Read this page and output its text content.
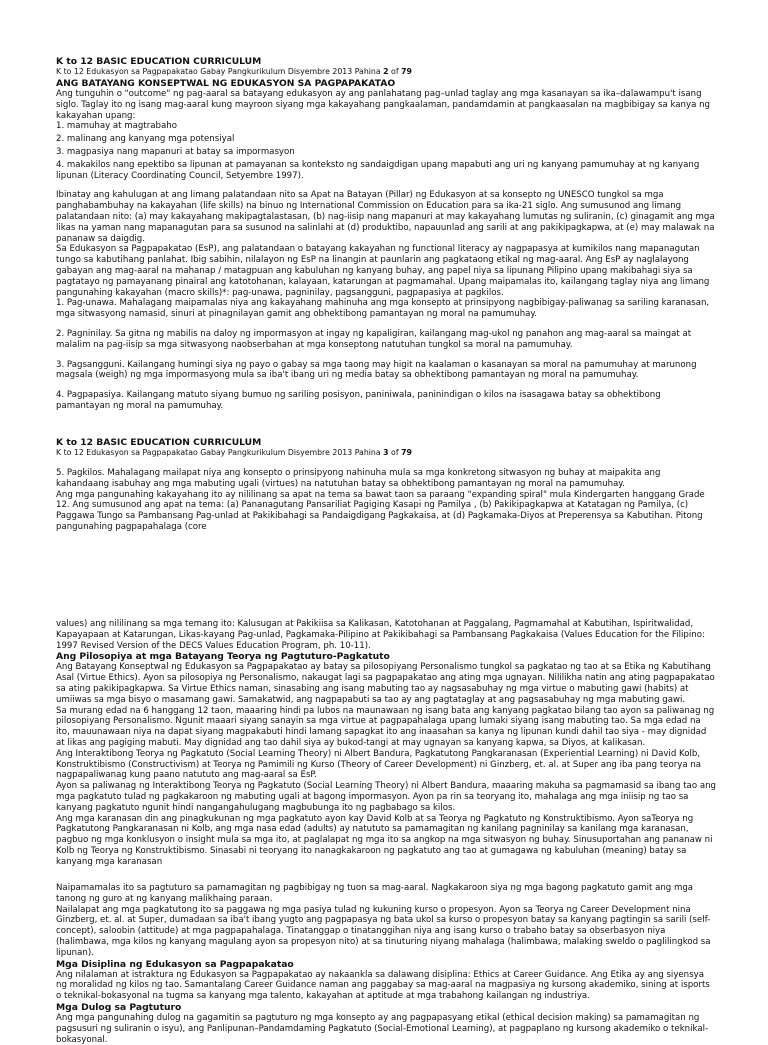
K to 12 BASIC EDUCATION CURRICULUM

K to 12 Edukasyon sa Pagpapakatao Gabay Pangkurikulum Disyembre 2013 Pahina 2 of 79

ANG BATAYANG KONSEPTWAL NG EDUKASYON SA PAGPAPAKATAO

Ang tunguhin o "outcome" ng pag-aaral sa batayang edukasyon ay ang panlahatang pag–unlad taglay ang mga kasanayan sa ika–dalawampu't isang siglo. Taglay ito ng isang mag-aaral kung mayroon siyang mga kakayahang pangkaalaman, pandamdamin at pangkaasalan na magbibigay sa kanya ng kakayahan upang:

1. mamuhay at magtrabaho

2. malinang ang kanyang mga potensiyal

3. magpasiya nang mapanuri at batay sa impormasyon

4. makakilos nang epektibo sa lipunan at pamayanan sa konteksto ng sandaigdigan upang mapabuti ang uri ng kanyang pamumuhay at ng kanyang lipunan (Literacy Coordinating Council, Setyembre 1997).

Ibinatay ang kahulugan at ang limang palatandaan nito sa Apat na Batayan (Pillar) ng Edukasyon at sa konsepto ng UNESCO tungkol sa mga panghabambuhay na kakayahan (life skills) na binuo ng International Commission on Education para sa ika-21 siglo. Ang sumusunod ang limang palatandaan nito: (a) may kakayahang makipagtalastasan, (b) nag-iisip nang mapanuri at may kakayahang lumutas ng suliranin, (c) ginagamit ang mga likas na yaman nang mapanagutan para sa susunod na salinlahi at (d) produktibo, napauunlad ang sarili at ang pakikipagkapwa, at (e) may malawak na pananaw sa daigdig.

Sa Edukasyon sa Pagpapakatao (EsP), ang palatandaan o batayang kakayahan ng functional literacy ay nagpapasya at kumikilos nang mapanagutan tungo sa kabutihang panlahat. Ibig sabihin, nilalayon ng EsP na linangin at paunlarin ang pagkataong etikal ng mag-aaral. Ang EsP ay naglalayong gabayan ang mag-aaral na mahanap / matagpuan ang kabuluhan ng kanyang buhay, ang papel niya sa lipunang Pilipino upang makibahagi siya sa pagtatayo ng pamayanang pinairal ang katotohanan, kalayaan, katarungan at pagmamahal. Upang maipamalas ito, kailangang taglay niya ang limang pangunahing kakayahan (macro skills)*: pag-unawa, pagninilay, pagsangguni, pagpapasiya at pagkilos.

1. Pag-unawa. Mahalagang maipamalas niya ang kakayahang mahinuha ang mga konsepto at prinsipyong nagbibigay-paliwanag sa sariling karanasan, mga sitwasyong namasid, sinuri at pinagnilayan gamit ang obhektibong pamantayan ng moral na pamumuhay.

2. Pagninilay. Sa gitna ng mabilis na daloy ng impormasyon at ingay ng kapaligiran, kailangang mag-ukol ng panahon ang mag-aaral sa maingat at malalim na pag-iisip sa mga sitwasyong naobserbahan at mga konseptong natutuhan tungkol sa moral na pamumuhay.

3. Pagsangguni. Kailangang humingi siya ng payo o gabay sa mga taong may higit na kaalaman o kasanayan sa moral na pamumuhay at marunong magsala (weigh) ng mga impormasyong mula sa iba't ibang uri ng media batay sa obhektibong pamantayan ng moral na pamumuhay.

4. Pagpapasiya. Kailangang matuto siyang bumuo ng sariling posisyon, paniniwala, paninindigan o kilos na isasagawa batay sa obhektibong pamantayan ng moral na pamumuhay.

K to 12 BASIC EDUCATION CURRICULUM

K to 12 Edukasyon sa Pagpapakatao Gabay Pangkurikulum Disyembre 2013 Pahina 3 of 79

5. Pagkilos. Mahalagang mailapat niya ang konsepto o prinsipyong nahinuha mula sa mga konkretong sitwasyon ng buhay at maipakita ang kahandaang isabuhay ang mga mabuting ugali (virtues) na natutuhan batay sa obhektibong pamantayan ng moral na pamumuhay.

Ang mga pangunahing kakayahang ito ay nililinang sa apat na tema sa bawat taon sa paraang "expanding spiral" mula Kindergarten hanggang Grade 12. Ang sumusunod ang apat na tema: (a) Pananagutang Pansariliat Pagiging Kasapi ng Pamilya , (b) Pakikipagkapwa at Katatagan ng Pamilya, (c) Paggawa Tungo sa Pambansang Pag-unlad at Pakikibahagi sa Pandaigdigang Pagkakaisa, at (d) Pagkamaka-Diyos at Preperensya sa Kabutihan. Pitong pangunahing pagpapahalaga (core

values) ang nililinang sa mga temang ito: Kalusugan at Pakikiisa sa Kalikasan, Katotohanan at Paggalang, Pagmamahal at Kabutihan, Ispiritwalidad, Kapayapaan at Katarungan, Likas-kayang Pag-unlad, Pagkamaka-Pilipino at Pakikibahagi sa Pambansang Pagkakaisa (Values Education for the Filipino: 1997 Revised Version of the DECS Values Education Program, ph. 10-11).

Ang Pilosopiya at mga Batayang Teorya ng Pagtuturo-Pagkatuto

Ang Batayang Konseptwal ng Edukasyon sa Pagpapakatao ay batay sa pilosopiyang Personalismo tungkol sa pagkatao ng tao at sa Etika ng Kabutihang Asal (Virtue Ethics). Ayon sa pilosopiya ng Personalismo, nakaugat lagi sa pagpapakatao ang ating mga ugnayan. Nililikha natin ang ating pagpapakatao sa ating pakikipagkapwa. Sa Virtue Ethics naman, sinasabing ang isang mabuting tao ay nagsasabuhay ng mga virtue o mabuting gawi (habits) at umiiwas sa mga bisyo o masamang gawi. Samakatwid, ang nagpapabuti sa tao ay ang pagtataglay at ang pagsasabuhay ng mga mabuting gawi.

Sa murang edad na 6 hanggang 12 taon, maaaring hindi pa lubos na maunawaan ng isang bata ang kanyang pagkatao bilang tao ayon sa paliwanag ng pilosopiyang Personalismo. Ngunit maaari siyang sanayin sa mga virtue at pagpapahalaga upang lumaki siyang isang mabuting tao. Sa mga edad na ito, mauunawaan niya na dapat siyang magpakabuti hindi lamang sapagkat ito ang inaasahan sa kanya ng lipunan kundi dahil tao siya - may dignidad at likas ang pagiging mabuti. May dignidad ang tao dahil siya ay bukod-tangi at may ugnayan sa kanyang kapwa, sa Diyos, at kalikasan.

Ang Interaktibong Teorya ng Pagkatuto (Social Learning Theory) ni Albert Bandura, Pagkatutong Pangkaranasan (Experiential Learning) ni David Kolb, Konstruktibismo (Constructivism) at Teorya ng Pamimili ng Kurso (Theory of Career Development) ni Ginzberg, et. al. at Super ang iba pang teorya na nagpapaliwanag kung paano natututo ang mag-aaral sa EsP.

Ayon sa paliwanag ng Interaktibong Teorya ng Pagkatuto (Social Learning Theory) ni Albert Bandura, maaaring makuha sa pagmamasid sa ibang tao ang mga pagkatuto tulad ng pagkakaroon ng mabuting ugali at bagong impormasyon. Ayon pa rin sa teoryang ito, mahalaga ang mga iniisip ng tao sa kanyang pagkatuto ngunit hindi nangangahulugang magbubunga ito ng pagbabago sa kilos.

Ang mga karanasan din ang pinagkukunan ng mga pagkatuto ayon kay David Kolb at sa Teorya ng Pagkatuto ng Konstruktibismo. Ayon saTeorya ng Pagkatutong Pangkaranasan ni Kolb, ang mga nasa edad (adults) ay natututo sa pamamagitan ng kanilang pagninilay sa kanilang mga karanasan, pagbuo ng mga konklusyon o insight mula sa mga ito, at paglalapat ng mga ito sa angkop na mga sitwasyon ng buhay. Sinusuportahan ang pananaw ni Kolb ng Teorya ng Konstruktibismo. Sinasabi ni teoryang ito nanagkakaroon ng pagkatuto ang tao at gumagawa ng kabuluhan (meaning) batay sa kanyang mga karanasan

Naipamamalas ito sa pagtuturo sa pamamagitan ng pagbibigay ng tuon sa mag-aaral. Nagkakaroon siya ng mga bagong pagkatuto gamit ang mga tanong ng guro at ng kanyang malikhaing paraan.

Nailalapat ang mga pagkatutong ito sa paggawa ng mga pasiya tulad ng kukuning kurso o propesyon. Ayon sa Teorya ng Career Development nina Ginzberg, et. al. at Super, dumadaan sa iba't ibang yugto ang pagpapasya ng bata ukol sa kurso o propesyon batay sa kanyang pagtingin sa sarili (self-concept), saloobin (attitude) at mga pagpapahalaga. Tinatanggap o tinatanggihan niya ang isang kurso o trabaho batay sa obserbasyon niya (halimbawa, mga kilos ng kanyang magulang ayon sa propesyon nito) at sa tinuturing niyang mahalaga (halimbawa, malaking sweldo o paglilingkod sa lipunan).

Mga Disiplina ng Edukasyon sa Pagpapakatao

Ang nilalaman at istraktura ng Edukasyon sa Pagpapakatao ay nakaankla sa dalawang disiplina: Ethics at Career Guidance. Ang Etika ay ang siyensya ng moralidad ng kilos ng tao. Samantalang Career Guidance naman ang paggabay sa mag-aaral na magpasiya ng kursong akademiko, sining at isports o teknikal-bokasyonal na tugma sa kanyang mga talento, kakayahan at aptitude at mga trabahong kailangan ng industriya.

Mga Dulog sa Pagtuturo

Ang mga pangunahing dulog na gagamitin sa pagtuturo ng mga konsepto ay ang pagpapasyang etikal (ethical decision making) sa pamamagitan ng pagsusuri ng suliranin o isyu), ang Panlipunan–Pandamdaming Pagkatuto (Social-Emotional Learning), at pagpaplano ng kursong akademiko o teknikal-bokasyonal.
